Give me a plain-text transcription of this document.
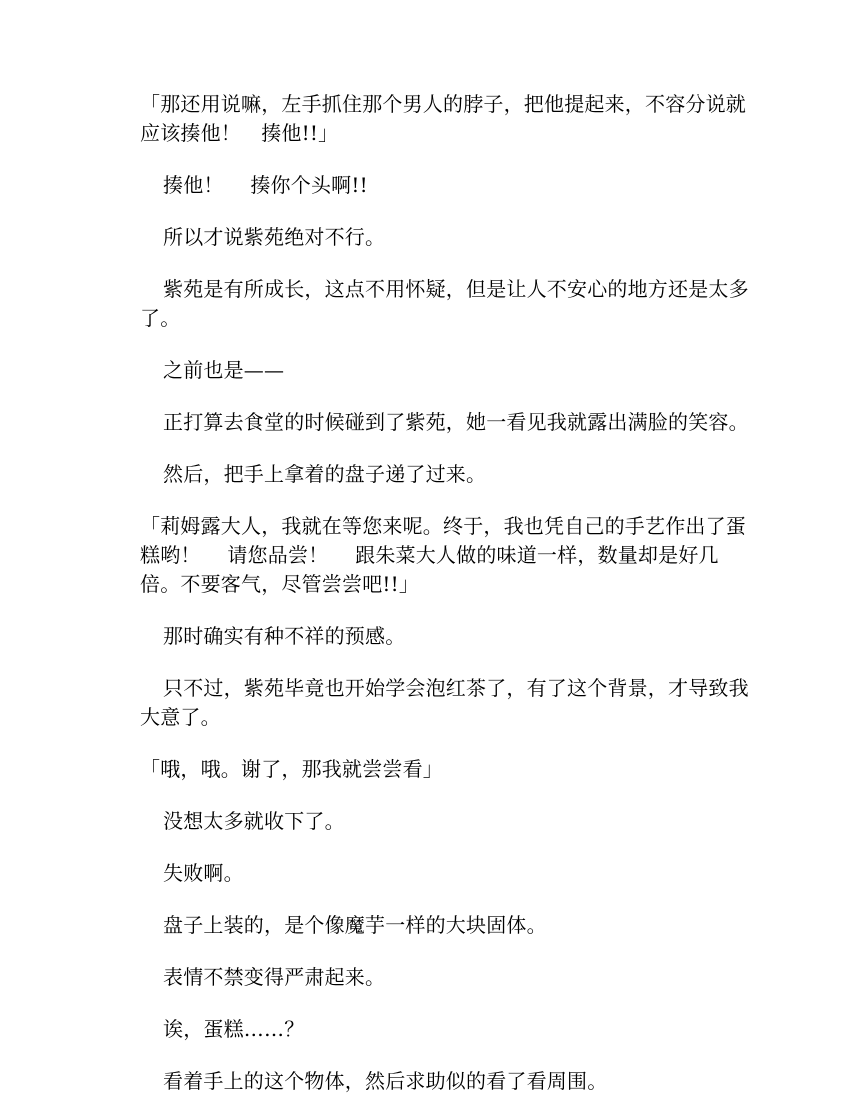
「那还用说嘛，左手抓住那个男人的脖子，把他提起来，不容分说就应该揍他！　揍他!!」

揍他！　 揍你个头啊!!

所以才说紫苑绝对不行。

紫苑是有所成长，这点不用怀疑，但是让人不安心的地方还是太多了。

之前也是——

正打算去食堂的时候碰到了紫苑，她一看见我就露出满脸的笑容。

然后，把手上拿着的盘子递了过来。

「莉姆露大人，我就在等您来呢。终于，我也凭自己的手艺作出了蛋糕哟！　 请您品尝！　 跟朱菜大人做的味道一样，数量却是好几倍。不要客气，尽管尝尝吧!!」

那时确实有种不祥的预感。

只不过，紫苑毕竟也开始学会泡红茶了，有了这个背景，才导致我大意了。

「哦，哦。谢了，那我就尝尝看」

没想太多就收下了。

失败啊。

盘子上装的，是个像魔芋一样的大块固体。

表情不禁变得严肃起来。

诶，蛋糕……？

看着手上的这个物体，然后求助似的看了看周围。
